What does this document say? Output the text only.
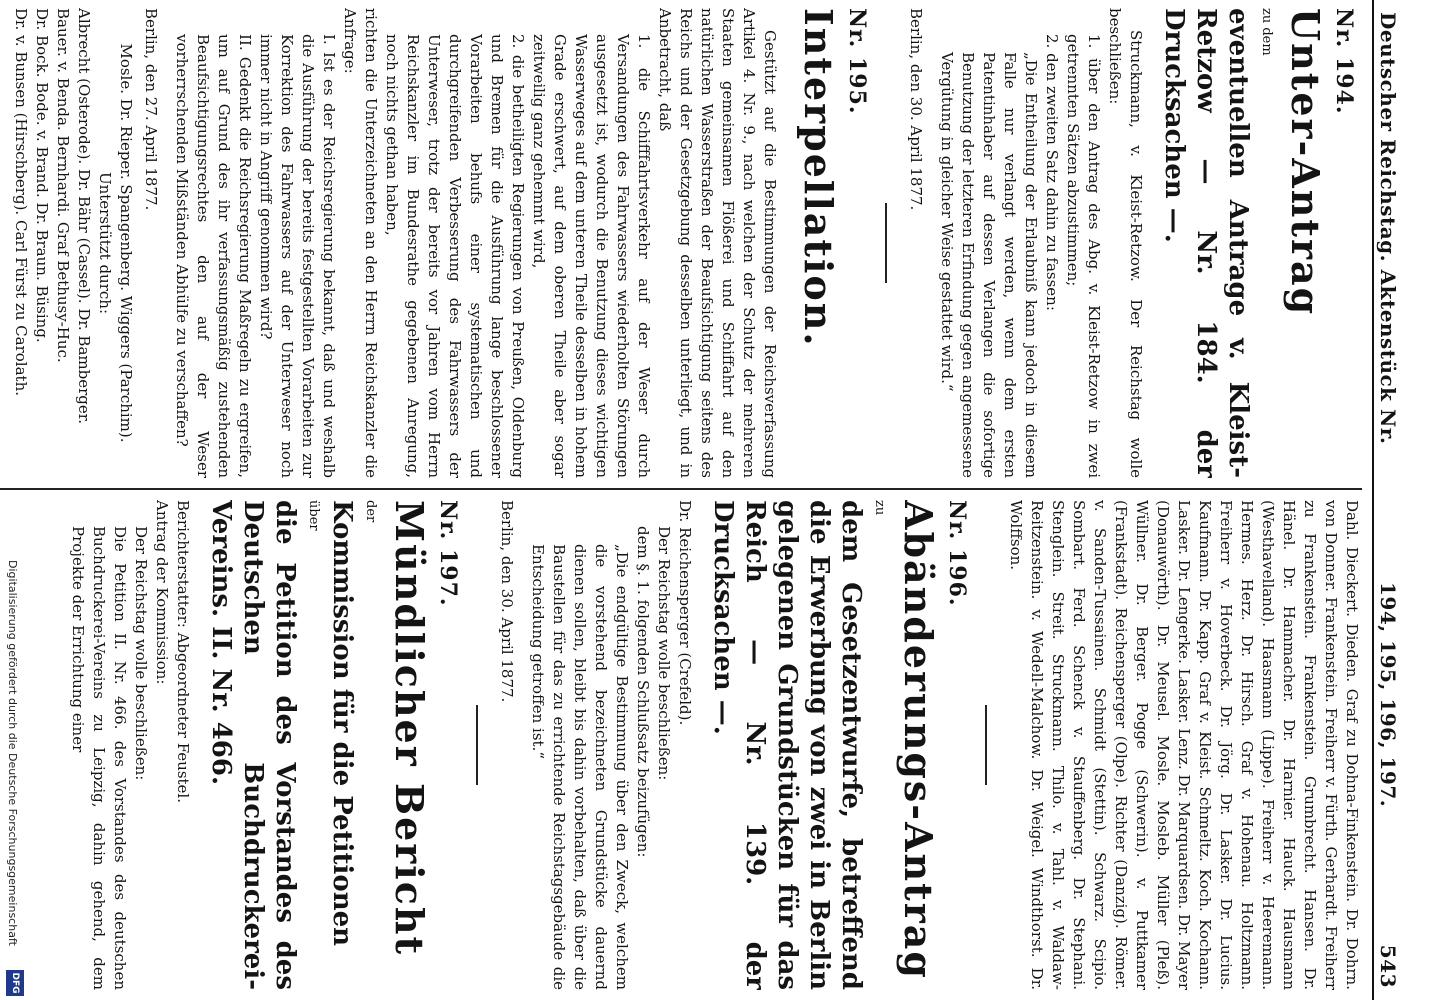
Deutscher Reichstag. Aktenstück Nr.
194, 195, 196, 197.
543

Nr. 194.

Unter-Antrag

zu dem

eventuellen Antrage v. Kleist-Retzow — Nr. 184. der Drucksachen —.

Struckmann, v. Kleist-Retzow. Der Reichstag wolle beschließen:

1. über den Antrag des Abg. v. Kleist-Retzow in zwei getrennten Sätzen abzustimmen;

2. den zweiten Satz dahin zu fassen:

„Die Entheilung der Erlaubniß kann jedoch in diesem Falle nur verlangt werden, wenn dem ersten Patentinhaber auf dessen Verlangen die sofortige Benutzung der letzteren Erfindung gegen angemessene Vergütung in gleicher Weise gestattet wird.“

Berlin, den 30. April 1877.

Nr. 195.

Interpellation.

Gestützt auf die Bestimmungen der Reichsverfassung Artikel 4. Nr. 9., nach welchen der Schutz der mehreren Staaten gemeinsamen Flößerei und Schiffahrt auf den natürlichen Wasserstraßen der Beaufsichtigung seitens des Reichs und der Gesetzgebung desselben unterliegt, und in Anbetracht, daß

1. die Schifffahrtsverkehr auf der Weser durch Versandungen des Fahrwassers wiederholten Störungen ausgesetzt ist, wodurch die Benutzung dieses wichtigen Wasserweges auf dem unteren Theile desselben in hohem Grade erschwert, auf dem oberen Theile aber sogar zeitweilig ganz gehemmt wird,

2. die betheiligten Regierungen von Preußen, Oldenburg und Bremen für die Ausführung lange beschlossener Vorarbeiten behufs einer systematischen und durchgreifenden Verbesserung des Fahrwassers der Unterweser, trotz der bereits vor Jahren vom Herrn Reichskanzler im Bundesrathe gegebenen Anregung, noch nichts gethan haben,

richten die Unterzeichneten an den Herrn Reichskanzler die Anfrage:

I. Ist es der Reichsregierung bekannt, daß und weshalb die Ausführung der bereits festgestellten Vorarbeiten zur Korrektion des Fahrwassers auf der Unterweser noch immer nicht in Angriff genommen wird?

II. Gedenkt die Reichsregierung Maßregeln zu ergreifen, um auf Grund des ihr verfassungsmäßig zustehenden Beaufsichtigungsrechtes den auf der Weser vorherrschenden Mißständen Abhülfe zu verschaffen?

Berlin, den 27. April 1877.

Mosle. Dr. Rieper. Spangenberg. Wiggers (Parchim).

Unterstützt durch:

Albrecht (Osterode). Dr. Bähr (Cassel). Dr. Bamberger.

Bauer. v. Benda. Bernhardi. Graf Bethusy-Huc.

Dr. Bock. Bode. v. Brand. Dr. Braun. Büsing.

Dr. v. Bunsen (Hirschberg). Carl Fürst zu Carolath.

Dahl. Dieckert. Dieden. Graf zu Dohna-Finkenstein. Dr. Dohrn. von Donner. Frankenstein. Freiherr v. Fürth. Gerhardt. Freiherr zu Frankenstein. Frankenstein. Grumbrecht. Hansen. Dr. Hänel. Dr. Hammacher. Dr. Harnier. Hauck. Hausmann (Westhavelland). Haasmann (Lippe). Freiherr v. Heeremann. Hermes. Herz. Dr. Hirsch. Graf v. Hohenau. Holtzmann. Freiherr v. Hoverbeck. Dr. Jörg. Dr. Lasker. Dr. Lucius. Kaufmann. Dr. Kapp. Graf v. Kleist. Schmeltz. Koch. Kochann. Lasker. Dr. Lengerke. Lasker. Lenz. Dr. Marquardsen. Dr. Mayer (Donauwörth). Dr. Meusel. Mosle. Mosleb. Müller (Pleß). Wüllner. Dr. Berger. Pogge (Schwerin). v. Puttkamer (Frankstadt). Reichensperger (Olpe). Richter (Danzig). Römer. v. Sanden-Tussainen. Schmidt (Stettin). Schwarz. Scipio. Sombart. Ferd. Schenck v. Stauffenberg. Dr. Stephani. Stenglein. Streit. Struckmann. Thilo. v. Tahl. v. Waldaw-Reitzenstein. v. Wedell-Malchow. Dr. Weigel. Windthorst. Dr. Wolffson.

Nr. 196.

Abänderungs-Antrag

zu

dem Gesetzentwurfe, betreffend die Erwerbung von zwei in Berlin gelegenen Grundstücken für das Reich — Nr. 139. der Drucksachen —.

Dr. Reichensperger (Crefeld).

Der Reichstag wolle beschließen:

dem §. 1. folgenden Schlußsatz beizufügen:

„Die endgültige Bestimmung über den Zweck, welchem die vorstehend bezeichneten Grundstücke dauernd dienen sollen, bleibt bis dahin vorbehalten, daß über die Baustellen für das zu errichtende Reichstagsgebäude die Entscheidung getroffen ist.“

Berlin, den 30. April 1877.

Nr. 197.

Mündlicher Bericht

der

Kommission für die Petitionen

über

die Petition des Vorstandes des Deutschen Buchdruckerei-Vereins. II. Nr. 466.

Berichterstatter: Abgeordneter Feustel.

Antrag der Kommission:

Der Reichstag wolle beschließen:

Die Petition II. Nr. 466. des Vorstandes des deutschen Buchdruckerei-Vereins zu Leipzig, dahin gehend, dem Projekte der Errichtung einer

Digitalisierung gefördert durch die Deutsche Forschungsgemeinschaft
DFG
